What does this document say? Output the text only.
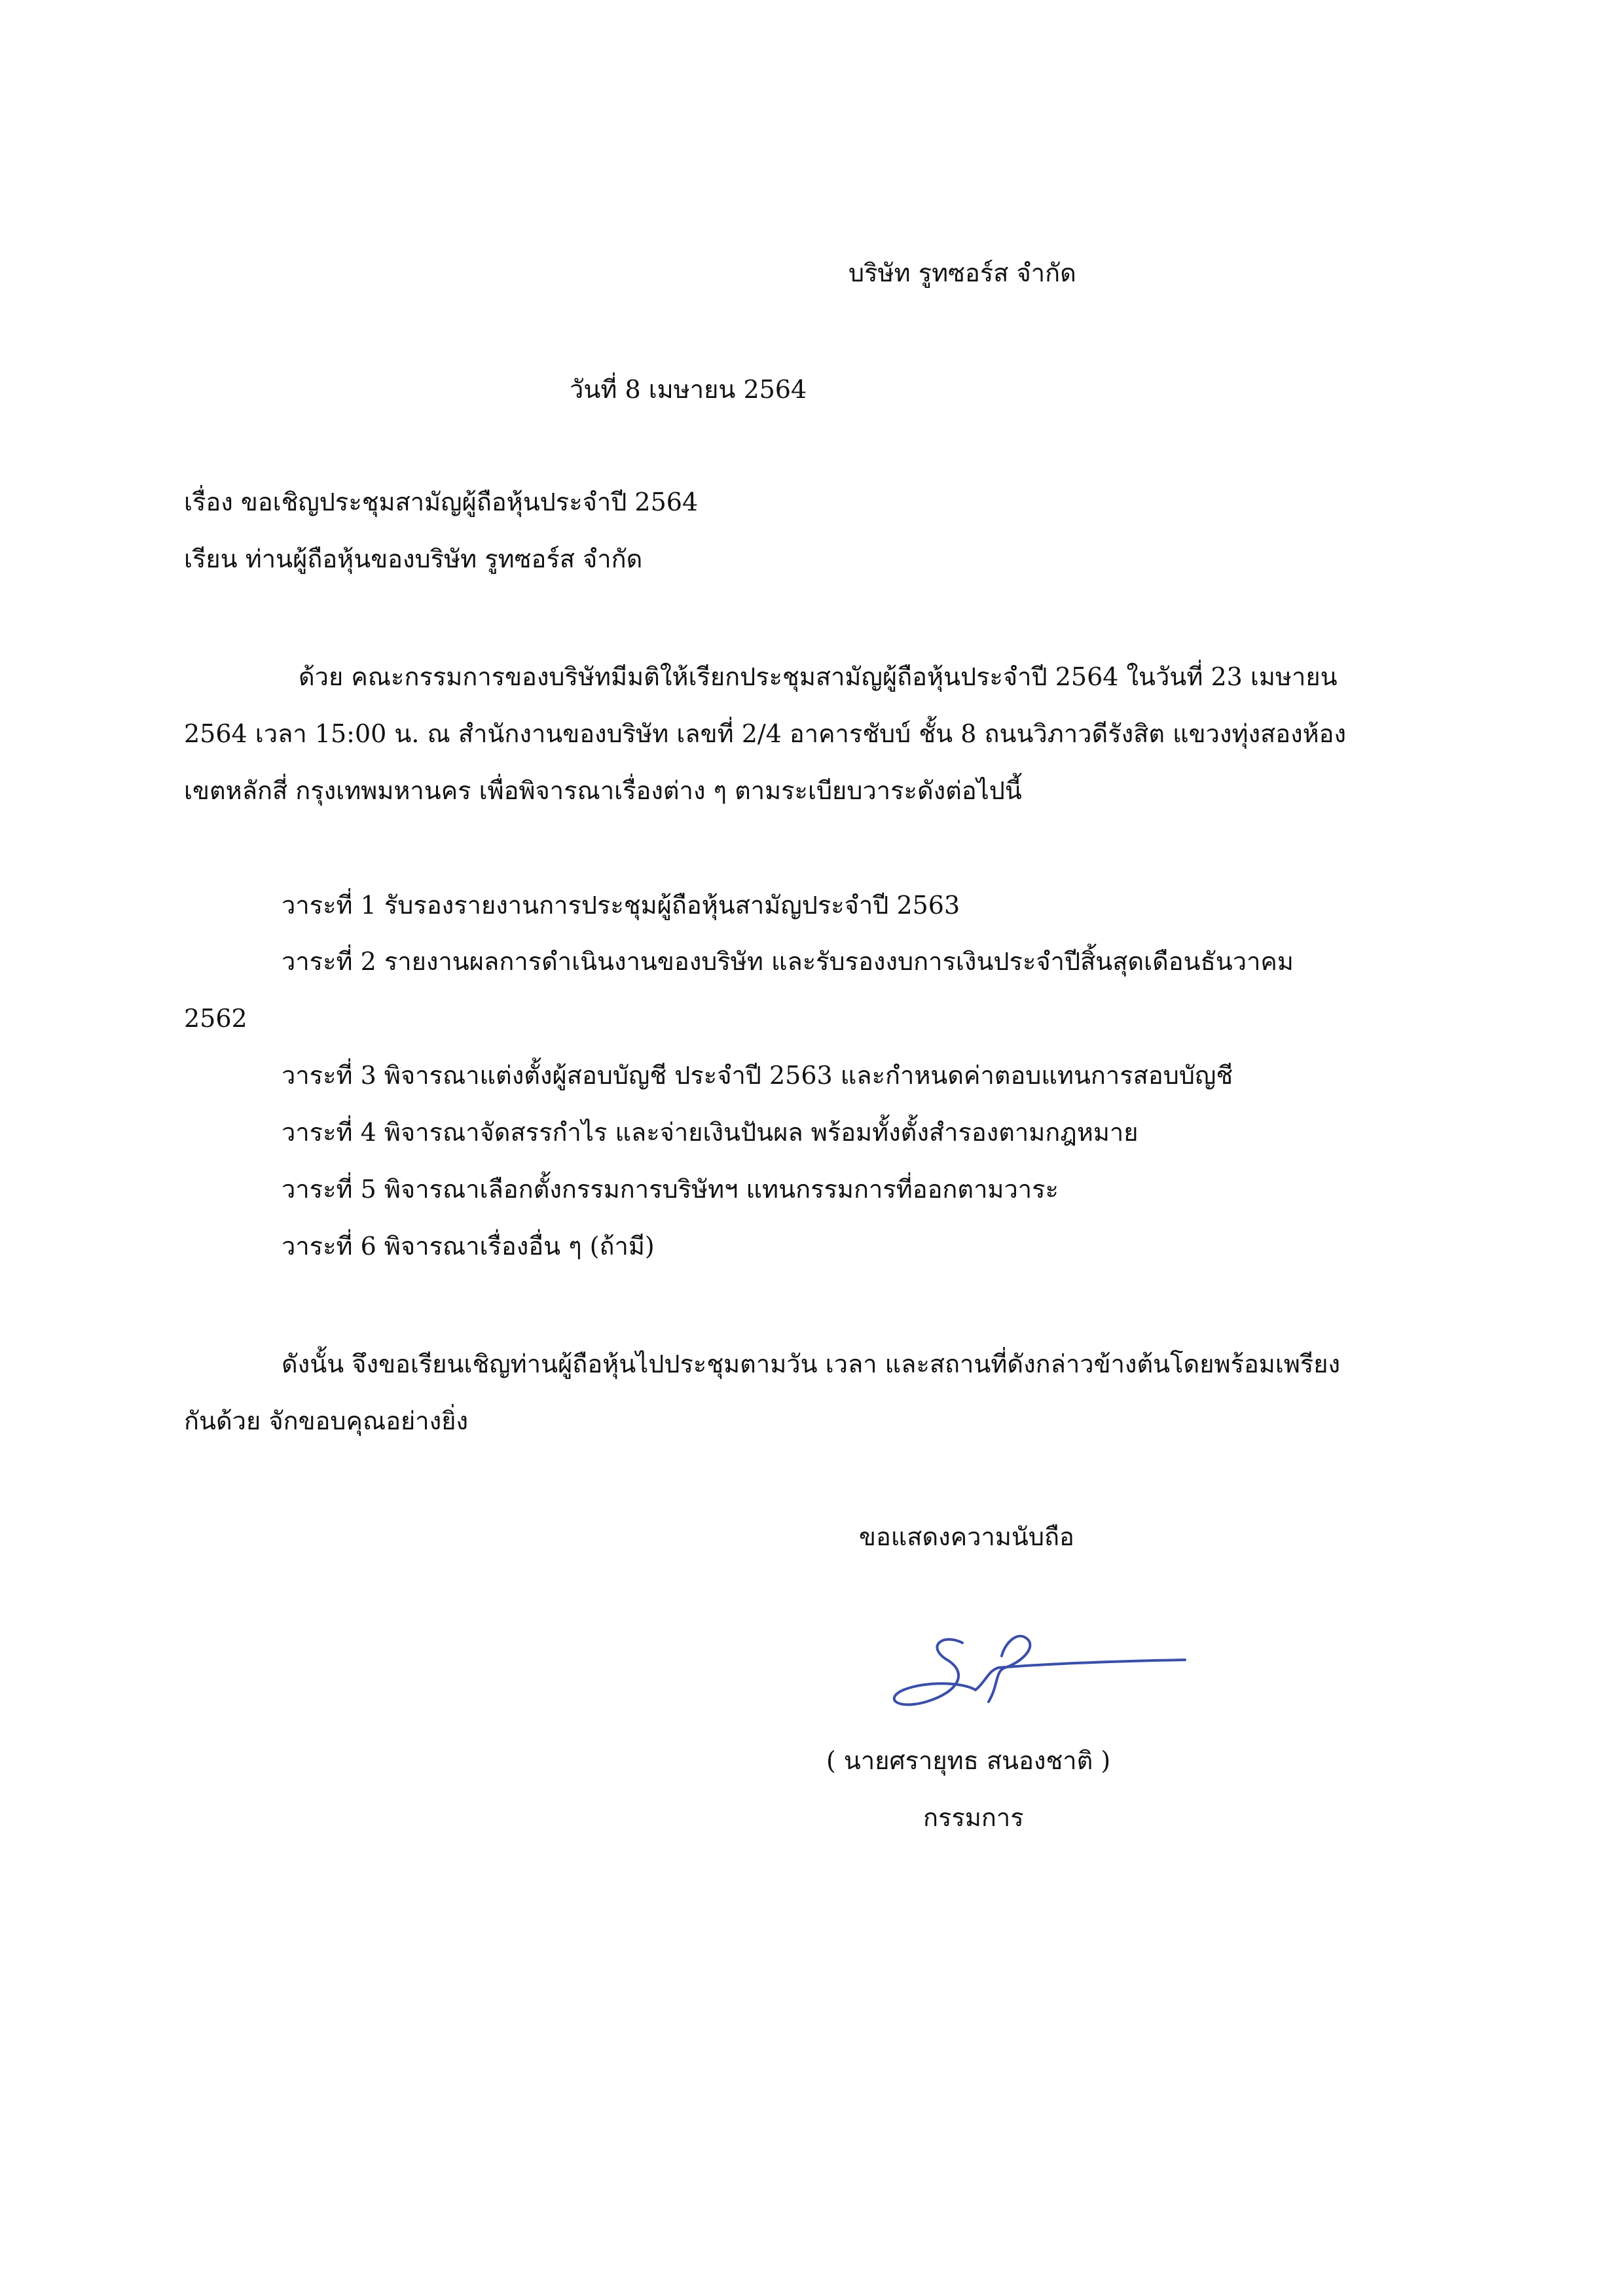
บริษัท รูทซอร์ส จำกัด
วันที่ 8 เมษายน 2564
เรื่อง ขอเชิญประชุมสามัญผู้ถือหุ้นประจำปี 2564
เรียน ท่านผู้ถือหุ้นของบริษัท รูทซอร์ส จำกัด
ด้วย คณะกรรมการของบริษัทมีมติให้เรียกประชุมสามัญผู้ถือหุ้นประจำปี 2564 ในวันที่ 23 เมษายน
2564 เวลา 15:00 น. ณ สำนักงานของบริษัท เลขที่ 2/4 อาคารชับบ์ ชั้น 8 ถนนวิภาวดีรังสิต แขวงทุ่งสองห้อง
เขตหลักสี่ กรุงเทพมหานคร เพื่อพิจารณาเรื่องต่าง ๆ ตามระเบียบวาระดังต่อไปนี้
วาระที่ 1 รับรองรายงานการประชุมผู้ถือหุ้นสามัญประจำปี 2563
วาระที่ 2 รายงานผลการดำเนินงานของบริษัท และรับรองงบการเงินประจำปีสิ้นสุดเดือนธันวาคม
2562
วาระที่ 3 พิจารณาแต่งตั้งผู้สอบบัญชี ประจำปี 2563 และกำหนดค่าตอบแทนการสอบบัญชี
วาระที่ 4 พิจารณาจัดสรรกำไร และจ่ายเงินปันผล พร้อมทั้งตั้งสำรองตามกฎหมาย
วาระที่ 5 พิจารณาเลือกตั้งกรรมการบริษัทฯ แทนกรรมการที่ออกตามวาระ
วาระที่ 6 พิจารณาเรื่องอื่น ๆ (ถ้ามี)
ดังนั้น จึงขอเรียนเชิญท่านผู้ถือหุ้นไปประชุมตามวัน เวลา และสถานที่ดังกล่าวข้างต้นโดยพร้อมเพรียง
กันด้วย จักขอบคุณอย่างยิ่ง
ขอแสดงความนับถือ
( นายศรายุทธ สนองชาติ )
กรรมการ
